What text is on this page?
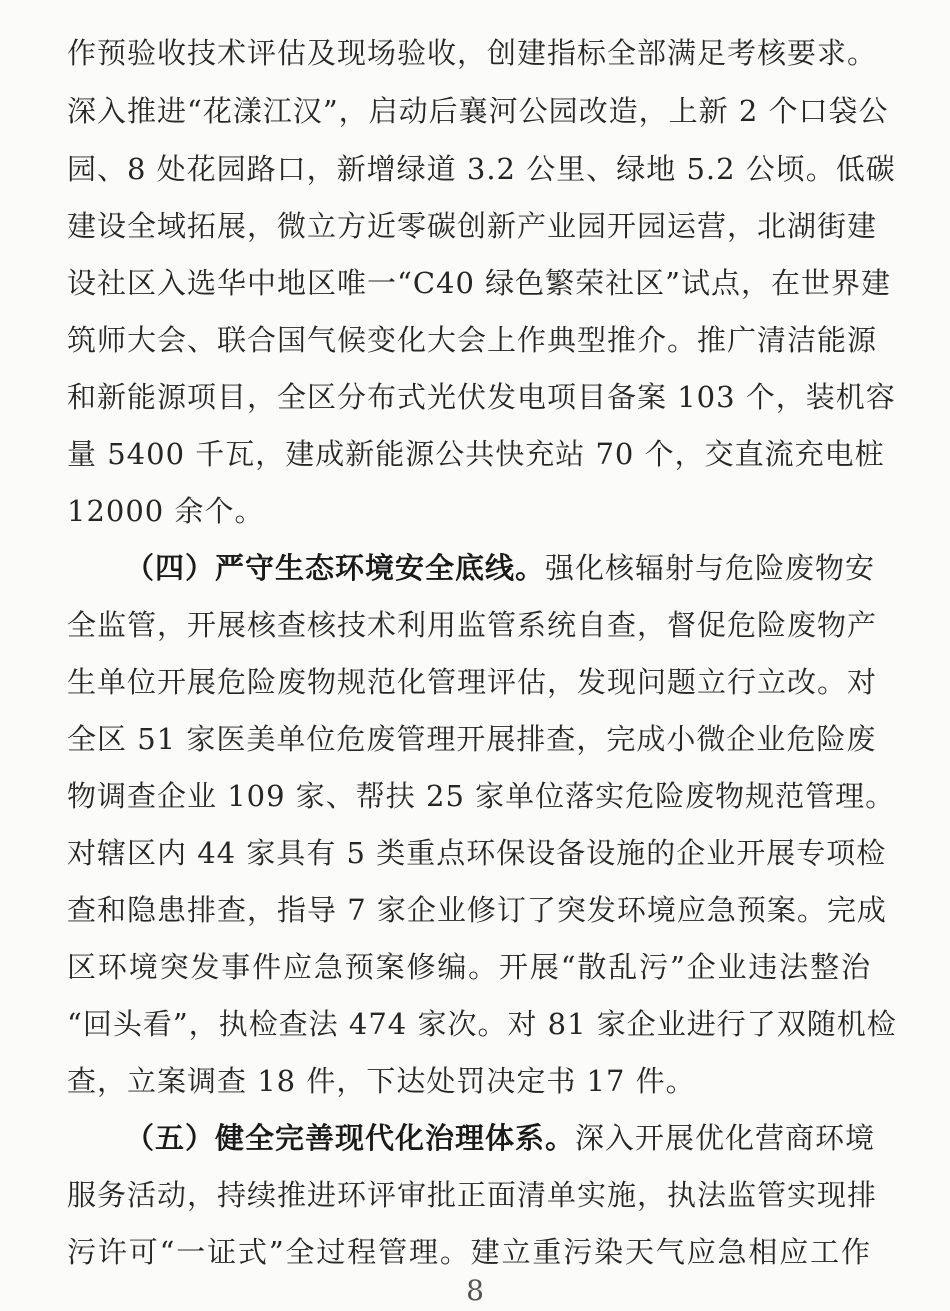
作预验收技术评估及现场验收，创建指标全部满足考核要求。
深入推进“花漾江汉”，启动后襄河公园改造，上新 2 个口袋公
园、8 处花园路口，新增绿道 3.2 公里、绿地 5.2 公顷。低碳
建设全域拓展，微立方近零碳创新产业园开园运营，北湖街建
设社区入选华中地区唯一“C40 绿色繁荣社区”试点，在世界建
筑师大会、联合国气候变化大会上作典型推介。推广清洁能源
和新能源项目，全区分布式光伏发电项目备案 103 个，装机容
量 5400 千瓦，建成新能源公共快充站 70 个，交直流充电桩
12000 余个。
（四）严守生态环境安全底线。强化核辐射与危险废物安
全监管，开展核查核技术利用监管系统自查，督促危险废物产
生单位开展危险废物规范化管理评估，发现问题立行立改。对
全区 51 家医美单位危废管理开展排查，完成小微企业危险废
物调查企业 109 家、帮扶 25 家单位落实危险废物规范管理。
对辖区内 44 家具有 5 类重点环保设备设施的企业开展专项检
查和隐患排查，指导 7 家企业修订了突发环境应急预案。完成
区环境突发事件应急预案修编。开展“散乱污”企业违法整治
“回头看”，执检查法 474 家次。对 81 家企业进行了双随机检
查，立案调查 18 件，下达处罚决定书 17 件。
（五）健全完善现代化治理体系。深入开展优化营商环境
服务活动，持续推进环评审批正面清单实施，执法监管实现排
污许可“一证式”全过程管理。建立重污染天气应急相应工作
8
